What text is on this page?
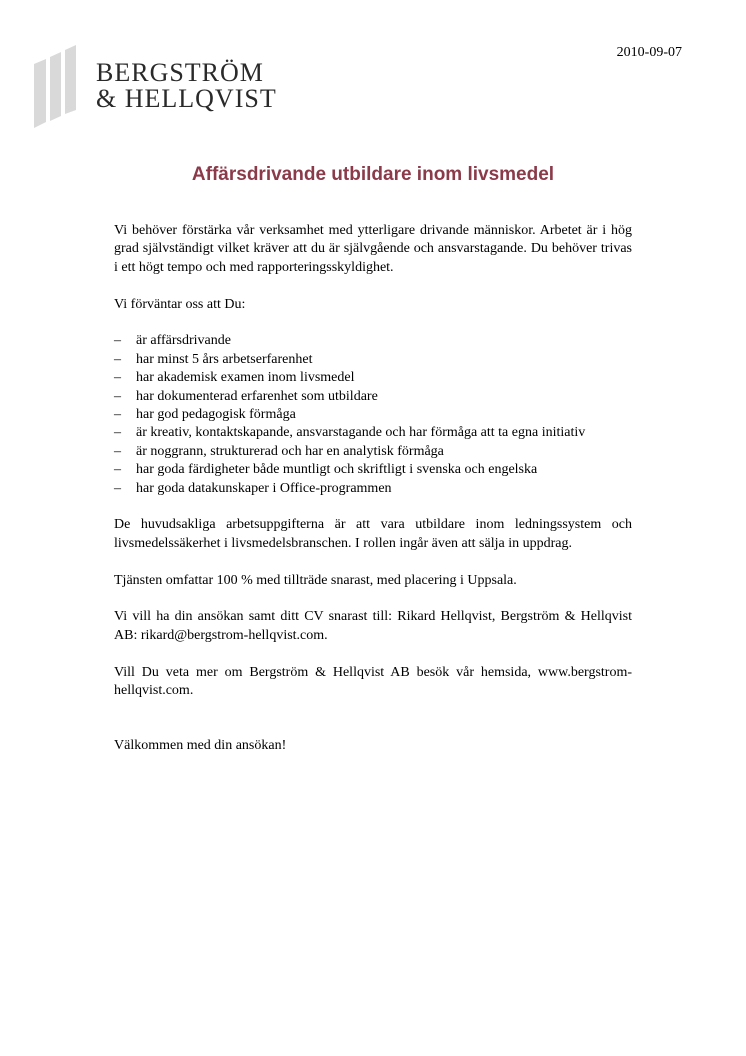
BERGSTRÖM
& HELLQVIST
2010-09-07
Affärsdrivande utbildare inom livsmedel

Vi behöver förstärka vår verksamhet med ytterligare drivande människor. Arbetet är i hög grad självständigt vilket kräver att du är självgående och ansvarstagande. Du behöver trivas i ett högt tempo och med rapporteringsskyldighet.

Vi förväntar oss att Du:

– är affärsdrivande
– har minst 5 års arbetserfarenhet
– har akademisk examen inom livsmedel
– har dokumenterad erfarenhet som utbildare
– har god pedagogisk förmåga
– är kreativ, kontaktskapande, ansvarstagande och har förmåga att ta egna initiativ
– är noggrann, strukturerad och har en analytisk förmåga
– har goda färdigheter både muntligt och skriftligt i svenska och engelska
– har goda datakunskaper i Office-programmen

De huvudsakliga arbetsuppgifterna är att vara utbildare inom ledningssystem och livsmedelssäkerhet i livsmedelsbranschen. I rollen ingår även att sälja in uppdrag.

Tjänsten omfattar 100 % med tillträde snarast, med placering i Uppsala.

Vi vill ha din ansökan samt ditt CV snarast till: Rikard Hellqvist, Bergström & Hellqvist AB: rikard@bergstrom-hellqvist.com.

Vill Du veta mer om Bergström & Hellqvist AB besök vår hemsida, www.bergstrom-hellqvist.com.

Välkommen med din ansökan!
